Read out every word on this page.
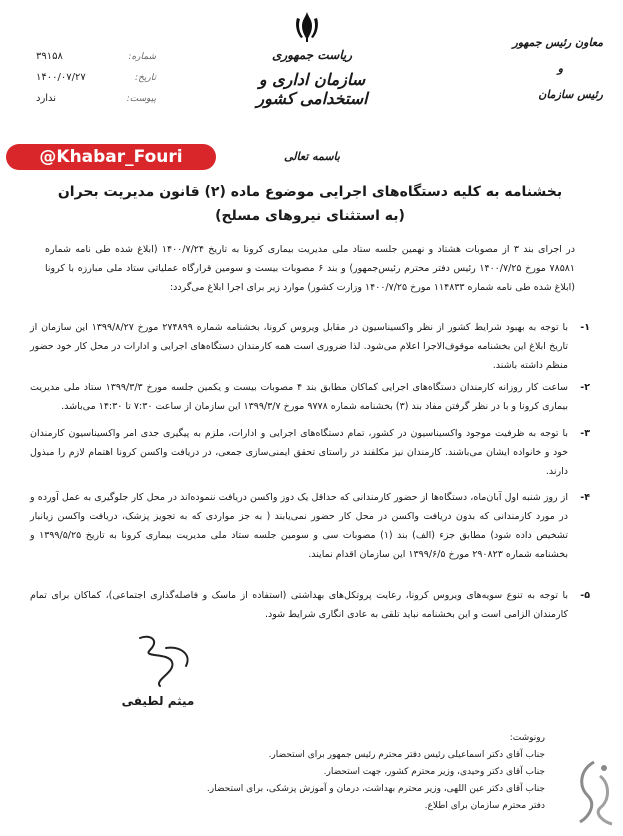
معاون رئیس جمهور
و
رئیس سازمان
ریاست جمهوری
سازمان اداری و استخدامی کشور
شماره:
۳۹۱۵۸
تاریخ:
۱۴۰۰/۰۷/۲۷
پیوست:
ندارد
@Khabar_Fouri	باسمه تعالی
بخشنامه به کلیه دستگاه‌های اجرایی موضوع ماده (۲) قانون مدیریت بحران
(به استثنای نیروهای مسلح)
در اجرای بند ۳ از مصوبات هشتاد و نهمین جلسه ستاد ملی مدیریت بیماری کرونا به تاریخ ۱۴۰۰/۷/۲۴ (ابلاغ شده طی نامه شماره ۷۸۵۸۱ مورخ ۱۴۰۰/۷/۲۵ رئیس دفتر محترم رئیس‌جمهور) و بند ۶ مصوبات بیست و سومین قرارگاه عملیاتی ستاد ملی مبارزه با کرونا (ابلاغ شده طی نامه شماره ۱۱۴۸۳۳ مورخ ۱۴۰۰/۷/۲۵ وزارت کشور) موارد زیر برای اجرا ابلاغ می‌گردد:
۱-
با توجه به بهبود شرایط کشور از نظر واکسیناسیون در مقابل ویروس کرونا، بخشنامه شماره ۲۷۴۸۹۹ مورخ ۱۳۹۹/۸/۲۷ این سازمان از تاریخ ابلاغ این بخشنامه موقوف‌الاجرا اعلام می‌شود. لذا ضروری است همه کارمندان دستگاه‌های اجرایی و ادارات در محل کار خود حضور منظم داشته باشند.
۲-
ساعت کار روزانه کارمندان دستگاه‌های اجرایی کماکان مطابق بند ۴ مصوبات بیست و یکمین جلسه مورخ ۱۳۹۹/۳/۳ ستاد ملی مدیریت بیماری کرونا و با در نظر گرفتن مفاد بند (۳) بخشنامه شماره ۹۷۷۸ مورخ ۱۳۹۹/۳/۷ این سازمان از ساعت ۷:۳۰ تا ۱۴:۳۰ می‌باشد.
۳-
با توجه به ظرفیت موجود واکسیناسیون در کشور، تمام دستگاه‌های اجرایی و ادارات، ملزم به پیگیری جدی امر واکسیناسیون کارمندان خود و خانواده ایشان می‌باشند. کارمندان نیز مکلفند در راستای تحقق ایمنی‌سازی جمعی، در دریافت واکسن کرونا اهتمام لازم را مبذول دارند.
۴-
از روز شنبه اول آبان‌ماه، دستگاه‌ها از حضور کارمندانی که حداقل یک دوز واکسن دریافت ننموده‌اند در محل کار جلوگیری به عمل آورده و در مورد کارمندانی که بدون دریافت واکسن در محل کار حضور نمی‌یابند ( به جز مواردی که به تجویز پزشک، دریافت واکسن زیانبار تشخیص داده شود) مطابق جزء (الف) بند (۱) مصوبات سی و سومین جلسه ستاد ملی مدیریت بیماری کرونا به تاریخ ۱۳۹۹/۵/۲۵ و بخشنامه شماره ۲۹۰۸۲۳ مورخ ۱۳۹۹/۶/۵ این سازمان اقدام نمایند.
۵-
با توجه به تنوع سویه‌های ویروس کرونا، رعایت پروتکل‌های بهداشتی (استفاده از ماسک و فاصله‌گذاری اجتماعی)، کماکان برای تمام کارمندان الزامی است و این بخشنامه نباید تلقی به عادی انگاری شرایط شود.
میثم لطیفی
رونوشت:
جناب آقای دکتر اسماعیلی رئیس دفتر محترم رئیس جمهور برای استحضار.
جناب آقای دکتر وحیدی، وزیر محترم کشور، جهت استحضار.
جناب آقای دکتر عین اللهی، وزیر محترم بهداشت، درمان و آموزش پزشکی، برای استحضار.
دفتر محترم سازمان برای اطلاع.
